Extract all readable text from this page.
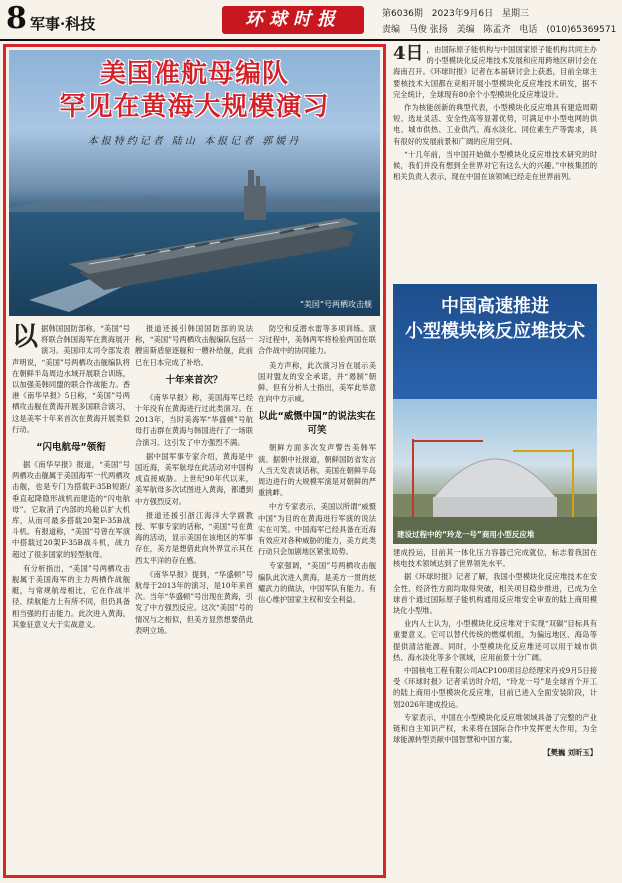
8 军事·科技	环球时报	第6036期 2023年9月6日 星期三
责编 马俊 张扬 美编 陈孟齐 电话 (010)65369571
美国准航母编队
罕见在黄海大规模演习
本报特约记者 陆山 本报记者 郭媛丹
“美国”号两栖攻击舰

以据韩国国防部称，“美国”号将联合韩国海军在黄海展开演习。美国印太司令部发表声明说，“美国”号两栖攻击舰编队将在朝鲜半岛周边水域开展联合训练，以加强美韩同盟的联合作战能力。香港《南华早报》5日称，“美国”号两栖攻击舰在黄海开展多国联合演习，这是美军十年来首次在黄海开展类似行动。

“闪电航母”领衔

据《南华早报》报道，“美国”号两栖攻击舰属于美国海军一代两栖攻击舰，也是专门为搭载F-35B短距/垂直起降隐形战机而建造的“闪电航母”。它取消了内部的坞舱以扩大机库，从而可最多搭载20架F-35B战斗机。有报道称，“美国”号曾在军演中搭载过20架F-35B战斗机，战力超过了很多国家的轻型航母。

有分析指出，“美国”号两栖攻击舰属于美国海军的主力两栖作战舰艇，与常规航母相比，它在作战半径、续航能力上有所不同，但仍具备相当强的打击能力。此次进入黄海，其象征意义大于实战意义。

报道还援引韩国国防部的说法称，“美国”号两栖攻击舰编队包括一艘宙斯盾驱逐舰和一艘补给舰，此前已在日本完成了补给。

十年来首次？

《南华早报》称，美国海军已经十年没有在黄海进行过此类演习。在2013年，当时美海军“华盛顿”号航母打击群在黄海与韩国进行了一场联合演习。这引发了中方强烈不满。

据中国军事专家介绍，黄海是中国近海，美军航母在此活动对中国构成直接威胁。上世纪90年代以来，美军航母多次试图进入黄海，都遭到中方强烈反对。

报道还援引浙江海洋大学副教授、军事专家的话称，“美国”号在黄海的活动，显示美国在该地区的军事存在，美方是想借此向外界宣示其在西太平洋的存在感。

《南华早报》提到，“华盛顿”号航母于2013年的演习，是10年来首次。当年“华盛顿”号出现在黄海，引发了中方强烈反应。这次“美国”号的情况与之相似，但美方显然想要借此表明立场。

防空和反潜水雷等多项训练。演习过程中，美韩两军将检验两国在联合作战中的协同能力。

美方声称，此次演习旨在展示美国对盟友的安全承诺，并“遏制”朝鲜。但有分析人士指出，美军此举意在向中方示威。

以此“威慑中国”的说法实在可笑

朝鲜方面多次发声警告美韩军演。据朝中社报道，朝鲜国防省发言人当天发表谈话称，美国在朝鲜半岛周边进行的大规模军演是对朝鲜的严重挑衅。

中方专家表示，美国以所谓“威慑中国”为目的在黄海进行军演的说法实在可笑。中国海军已经具备在近海有效应对各种威胁的能力，美方此类行动只会加剧地区紧张局势。

专家强调，“美国”号两栖攻击舰编队此次进入黄海，是美方一贯的炫耀武力的做法，中国军队有能力、有信心维护国家主权和安全利益。

4日 ，由国际原子能机构与中国国家原子能机构共同主办的小型模块化反应堆技术发展和应用跨地区研讨会在海南召开。《环球时报》记者在本届研讨会上获悉，目前全球主要核技术大国都在竞相开展小型模块化反应堆技术研发，据不完全统计，全球现有80余个小型模块化反应堆设计。

作为核能创新的典型代表，小型模块化反应堆具有建造周期短、选址灵活、安全性高等显著优势，可满足中小型电网的供电、城市供热、工业供汽、海水淡化、同位素生产等需求，具有很好的发展前景和广阔的应用空间。

“十几年前，当中国开始做小型模块化反应堆技术研究的时候，我们并没有想到全世界对它有这么大的兴趣。”中核集团的相关负责人表示，现在中国在该领域已经走在世界前列。

中国高速推进
小型模块核反应堆技术
建设过程中的“玲龙一号”商用小型反应堆

建成投运，目前其一体化压力容器已完成就位，标志着我国在核电技术领域达到了世界领先水平。

据《环球时报》记者了解，我国小型模块化反应堆技术在安全性、经济性方面均取得突破，相关项目稳步推进，已成为全球首个通过国际原子能机构通用反应堆安全审查的陆上商用模块化小型堆。

业内人士认为，小型模块化反应堆对于实现“双碳”目标具有重要意义。它可以替代传统的燃煤机组，为偏远地区、海岛等提供清洁能源。同时，小型模块化反应堆还可以用于城市供热、海水淡化等多个领域，应用前景十分广阔。

中国核电工程有限公司ACP100项目总经理宋丹戎9月5日接受《环球时报》记者采访时介绍，“玲龙一号”是全球首个开工的陆上商用小型模块化反应堆，目前已进入全面安装阶段，计划2026年建成投运。

专家表示，中国在小型模块化反应堆领域具备了完整的产业链和自主知识产权，未来将在国际合作中发挥更大作用，为全球能源转型贡献中国智慧和中国方案。

【樊巍 刘昕玉】
